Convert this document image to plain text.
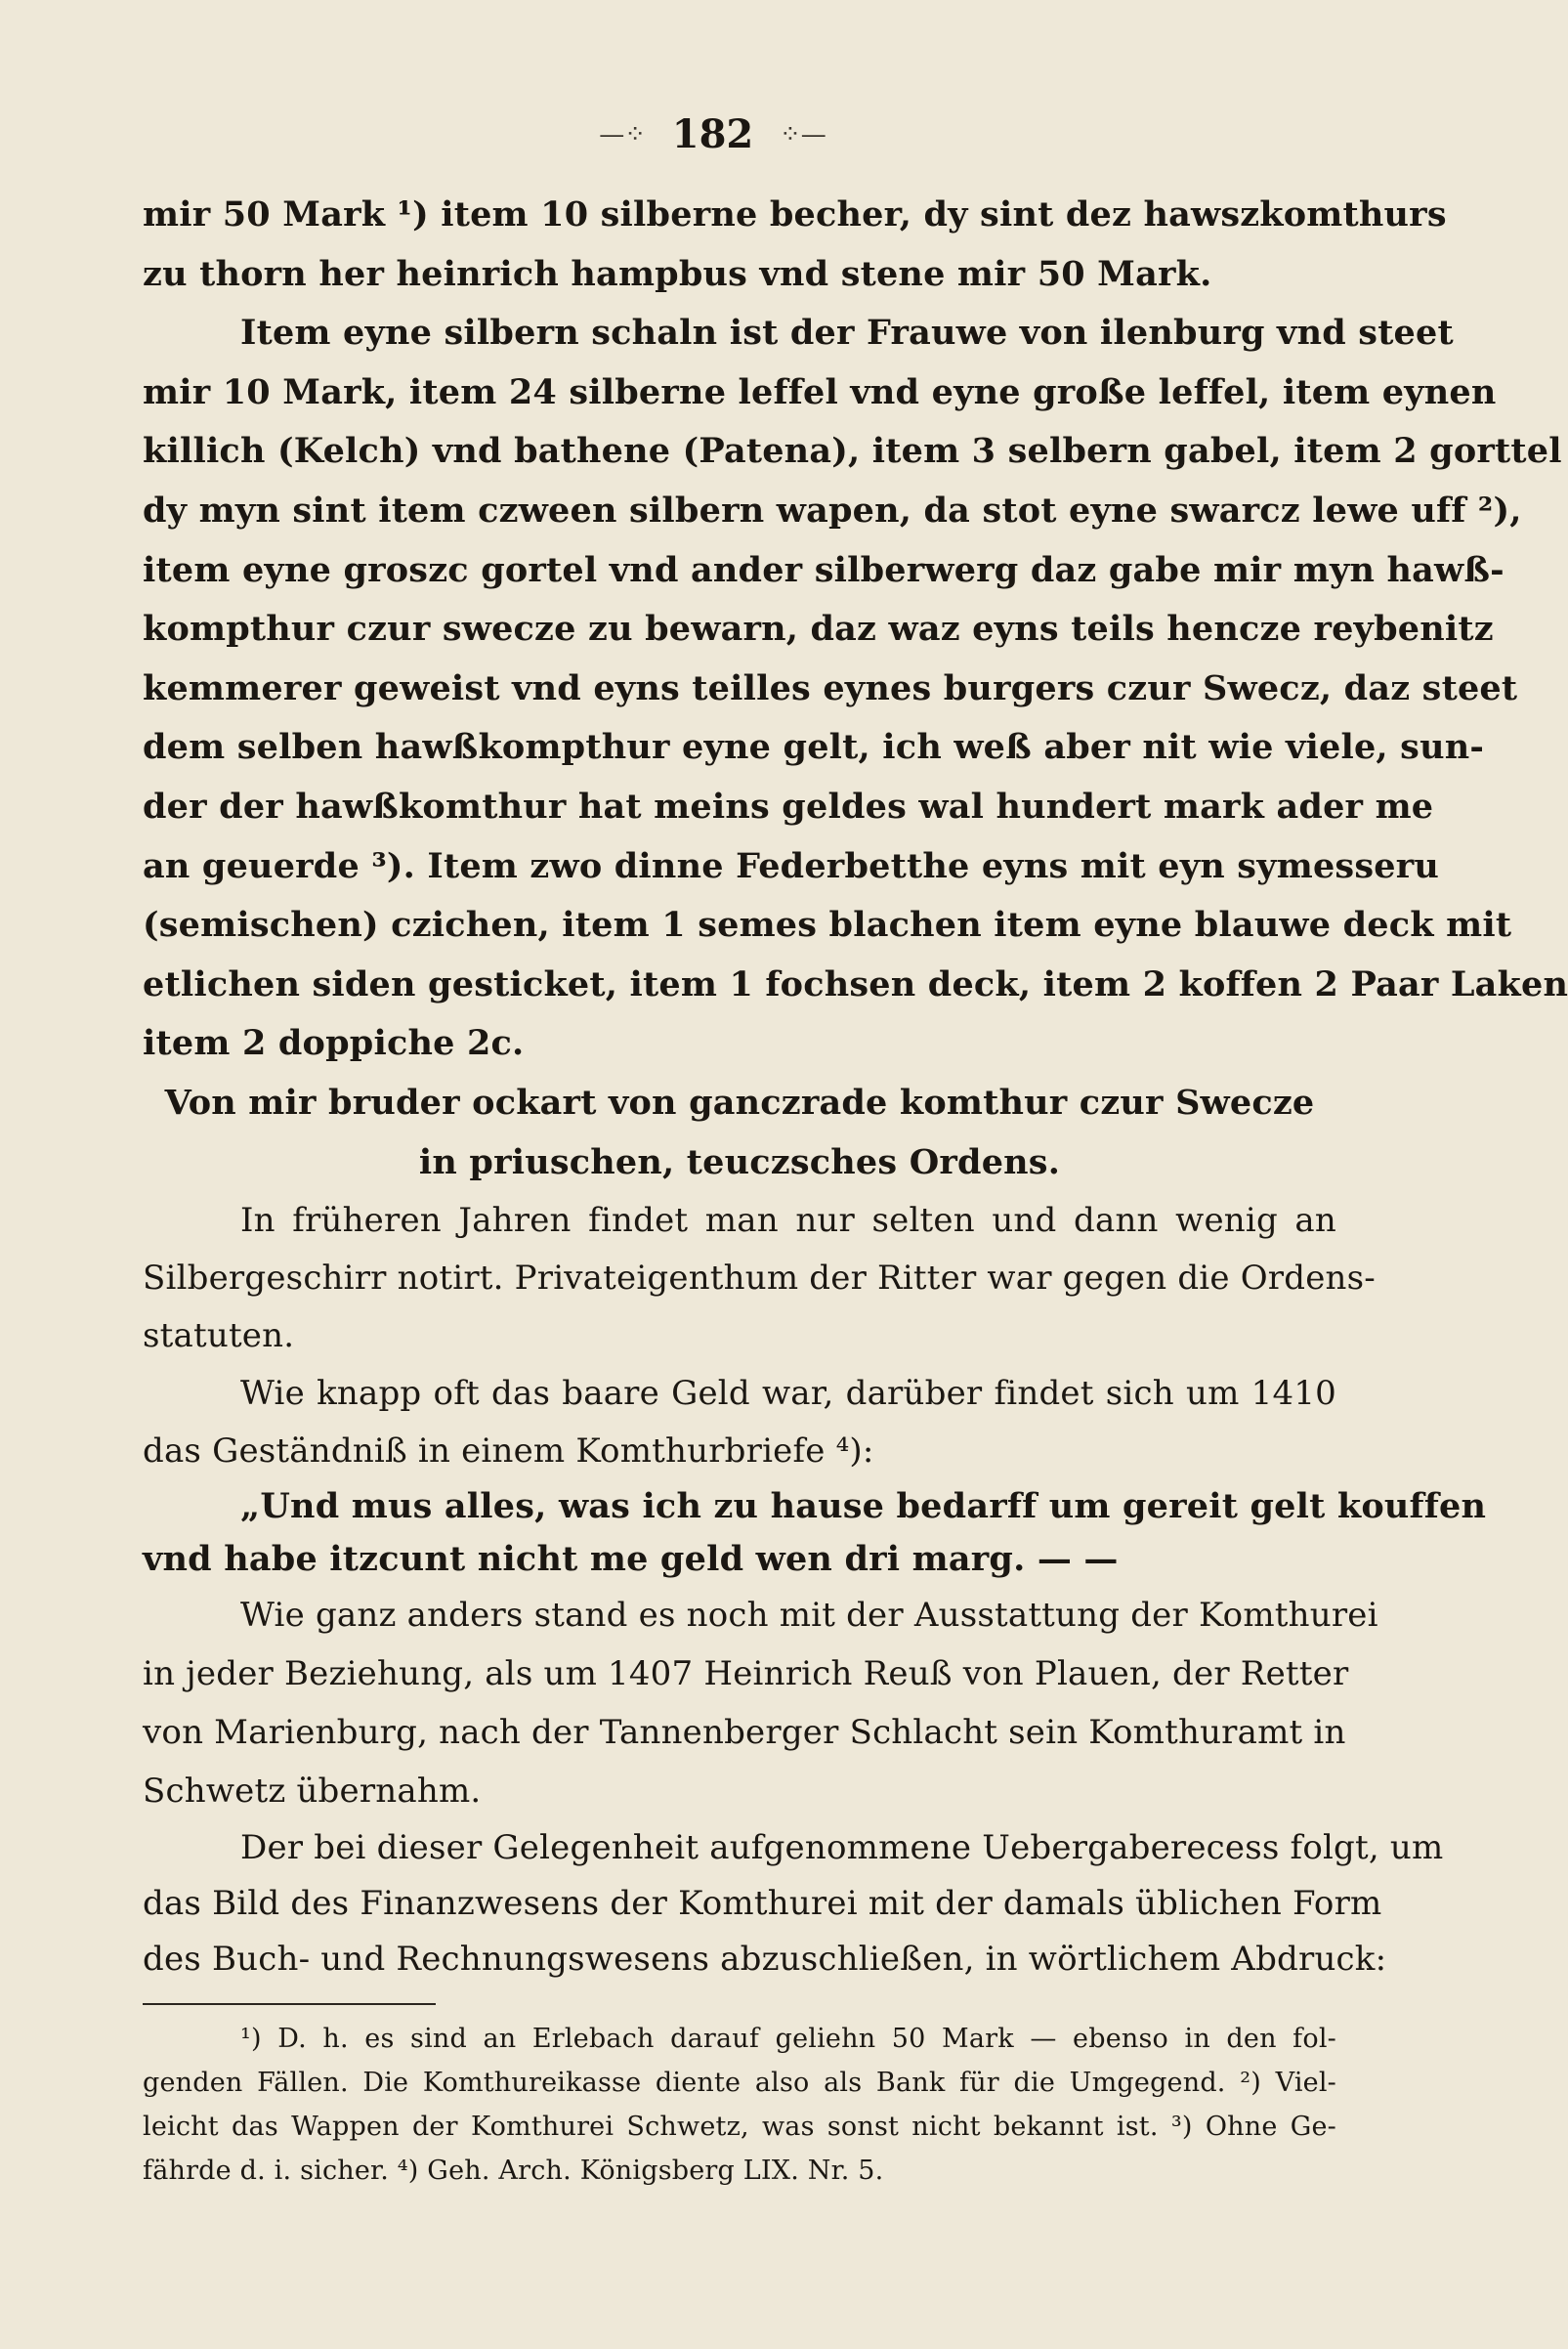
—⁘ 182 ⁘—
mir 50 Mark ¹) item 10 silberne becher, dy sint dez hawszkomthurs
zu thorn her heinrich hampbus vnd stene mir 50 Mark.
Item eyne silbern schaln ist der Frauwe von ilenburg vnd steet
mir 10 Mark, item 24 silberne leffel vnd eyne große leffel, item eynen
killich (Kelch) vnd bathene (Patena), item 3 selbern gabel, item 2 gorttel
dy myn sint item czween silbern wapen, da stot eyne swarcz lewe uff ²),
item eyne groszc gortel vnd ander silberwerg daz gabe mir myn hawß-
kompthur czur swecze zu bewarn, daz waz eyns teils hencze reybenitz
kemmerer geweist vnd eyns teilles eynes burgers czur Swecz, daz steet
dem selben hawßkompthur eyne gelt, ich weß aber nit wie viele, sun-
der der hawßkomthur hat meins geldes wal hundert mark ader me
an geuerde ³). Item zwo dinne Federbetthe eyns mit eyn symesseru
(semischen) czichen, item 1 semes blachen item eyne blauwe deck mit
etlichen siden gesticket, item 1 fochsen deck, item 2 koffen 2 Paar Laken
item 2 doppiche 2c.
Von mir bruder ockart von ganczrade komthur czur Swecze
in priuschen, teuczsches Ordens.
In früheren Jahren findet man nur selten und dann wenig an
Silbergeschirr notirt. Privateigenthum der Ritter war gegen die Ordens-
statuten.
Wie knapp oft das baare Geld war, darüber findet sich um 1410
das Geständniß in einem Komthurbriefe ⁴):
„Und mus alles, was ich zu hause bedarff um gereit gelt kouffen
vnd habe itzcunt nicht me geld wen dri marg. — —
Wie ganz anders stand es noch mit der Ausstattung der Komthurei
in jeder Beziehung, als um 1407 Heinrich Reuß von Plauen, der Retter
von Marienburg, nach der Tannenberger Schlacht sein Komthuramt in
Schwetz übernahm.
Der bei dieser Gelegenheit aufgenommene Uebergaberecess folgt, um
das Bild des Finanzwesens der Komthurei mit der damals üblichen Form
des Buch- und Rechnungswesens abzuschließen, in wörtlichem Abdruck:
¹) D. h. es sind an Erlebach darauf geliehn 50 Mark — ebenso in den fol-
genden Fällen. Die Komthureikasse diente also als Bank für die Umgegend. ²) Viel-
leicht das Wappen der Komthurei Schwetz, was sonst nicht bekannt ist. ³) Ohne Ge-
fährde d. i. sicher. ⁴) Geh. Arch. Königsberg LIX. Nr. 5.
